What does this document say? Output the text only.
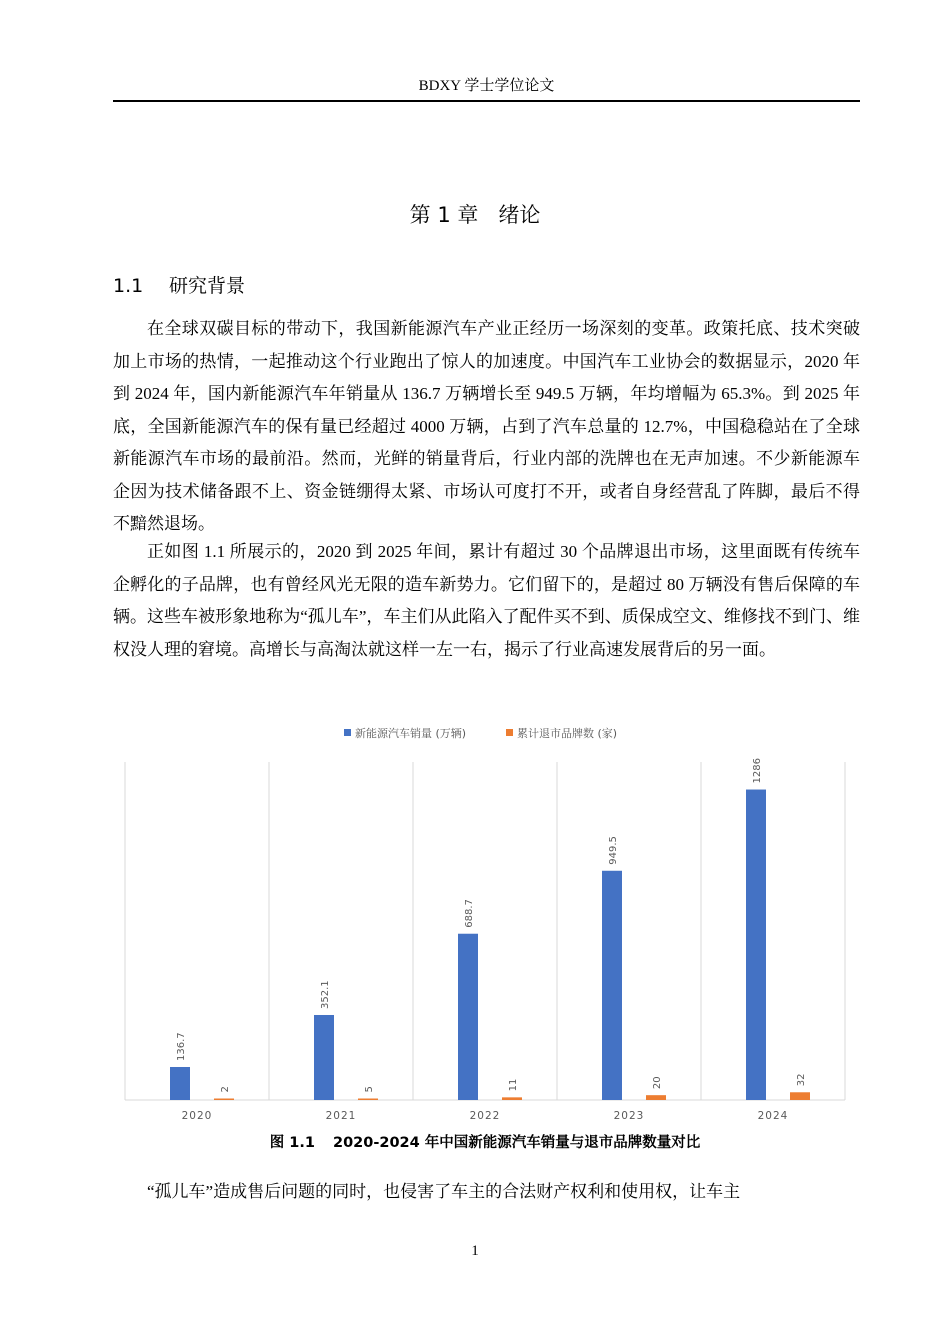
BDXY 学士学位论文
第 1 章 绪论
1.1 研究背景

在全球双碳目标的带动下，我国新能源汽车产业正经历一场深刻的变革。政策托底、技术突破加上市场的热情，一起推动这个行业跑出了惊人的加速度。中国汽车工业协会的数据显示，2020 年到 2024 年，国内新能源汽车年销量从 136.7 万辆增长至 949.5 万辆，年均增幅为 65.3%。到 2025 年底，全国新能源汽车的保有量已经超过 4000 万辆，占到了汽车总量的 12.7%，中国稳稳站在了全球新能源汽车市场的最前沿。然而，光鲜的销量背后，行业内部的洗牌也在无声加速。不少新能源车企因为技术储备跟不上、资金链绷得太紧、市场认可度打不开，或者自身经营乱了阵脚，最后不得不黯然退场。

正如图 1.1 所展示的，2020 到 2025 年间，累计有超过 30 个品牌退出市场，这里面既有传统车企孵化的子品牌，也有曾经风光无限的造车新势力。它们留下的，是超过 80 万辆没有售后保障的车辆。这些车被形象地称为“孤儿车”，车主们从此陷入了配件买不到、质保成空文、维修找不到门、维权没人理的窘境。高增长与高淘汰就这样一左一右，揭示了行业高速发展背后的另一面。

新能源汽车销量 (万辆)	累计退市品牌数 (家)
136.7
2
2020
352.1
5
2021
688.7
11
2022
949.5
20
2023
1286
32
2024
图 1.1 2020-2024 年中国新能源汽车销量与退市品牌数量对比

“孤儿车”造成售后问题的同时，也侵害了车主的合法财产权利和使用权，让车主

1
